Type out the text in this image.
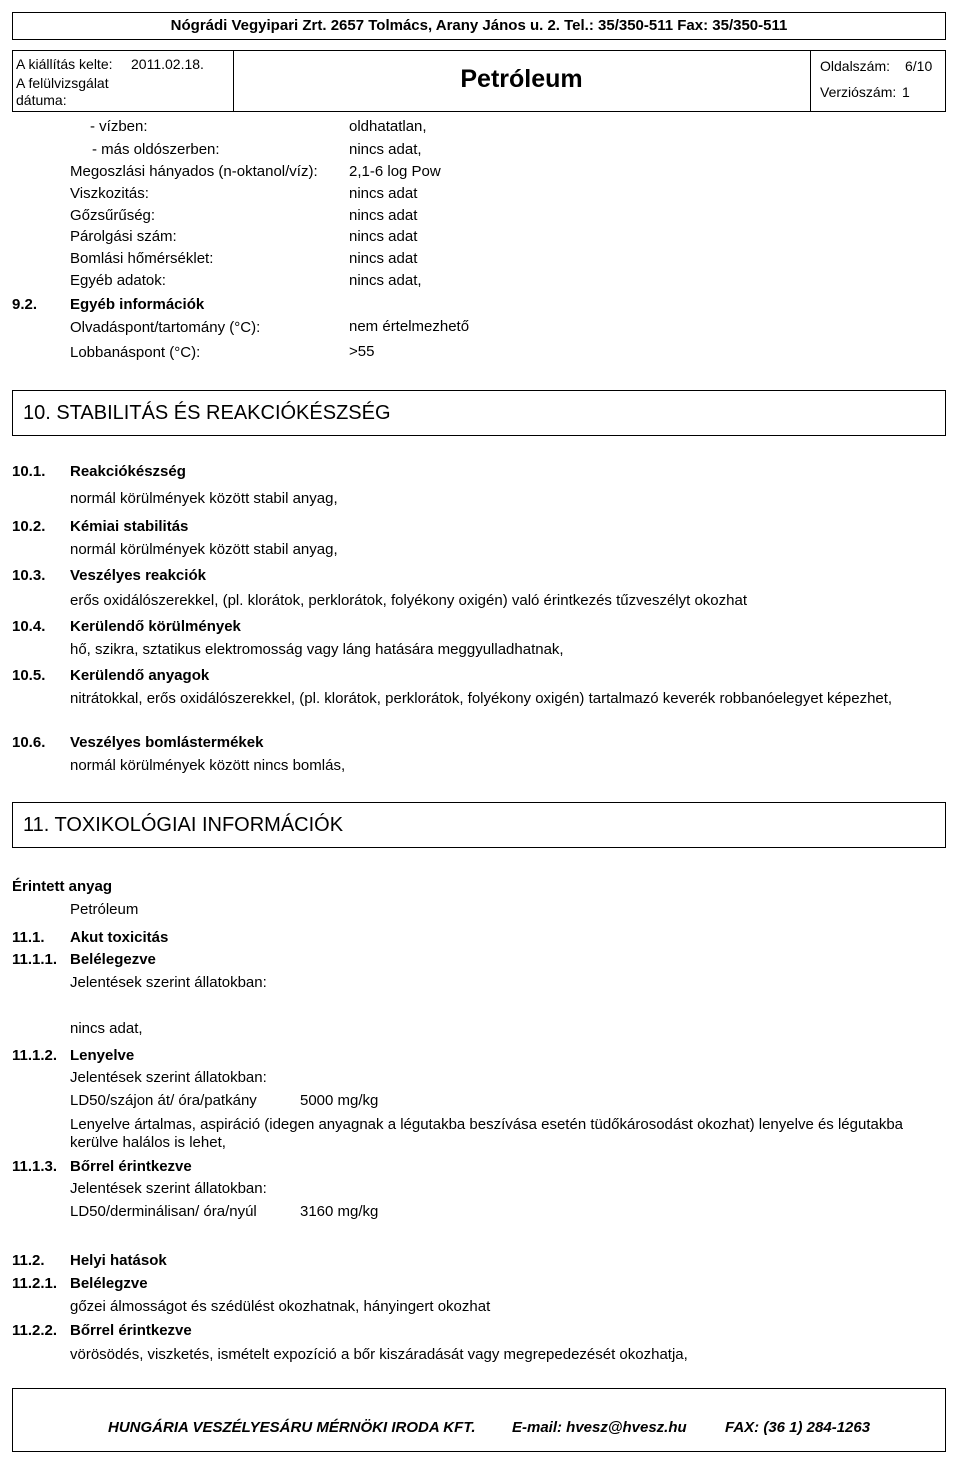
Nógrádi Vegyipari Zrt. 2657 Tolmács, Arany János u. 2. Tel.: 35/350-511 Fax: 35/350-511
A kiállítás kelte: 2011.02.18.
A felülvizsgálat
dátuma:
Petróleum	Oldalszám: 6/10
Verziószám: 1
- vízben:	oldhatatlan,
- más oldószerben:	nincs adat,
Megoszlási hányados (n-oktanol/víz): 2,1-6 log Pow
Viszkozitás:	nincs adat
Gőzsűrűség:	nincs adat
Párolgási szám:	nincs adat
Bomlási hőmérséklet:	nincs adat
Egyéb adatok:	nincs adat,
9.2. Egyéb információk
Olvadáspont/tartomány (°C):	nem értelmezhető
Lobbanáspont (°C):	>55
10. STABILITÁS ÉS REAKCIÓKÉSZSÉG
10.1. Reakciókészség
normál körülmények között stabil anyag,
10.2. Kémiai stabilitás
normál körülmények között stabil anyag,
10.3. Veszélyes reakciók
erős oxidálószerekkel, (pl. klorátok, perklorátok, folyékony oxigén) való érintkezés tűzveszélyt okozhat
10.4. Kerülendő körülmények
hő, szikra, sztatikus elektromosság vagy láng hatására meggyulladhatnak,
10.5. Kerülendő anyagok
nitrátokkal, erős oxidálószerekkel, (pl. klorátok, perklorátok, folyékony oxigén) tartalmazó keverék robbanóelegyet képezhet,
10.6. Veszélyes bomlástermékek
normál körülmények között nincs bomlás,
11. TOXIKOLÓGIAI INFORMÁCIÓK
Érintett anyag
Petróleum
11.1. Akut toxicitás
11.1.1. Belélegezve
Jelentések szerint állatokban:
nincs adat,
11.1.2. Lenyelve
Jelentések szerint állatokban:
LD50/szájon át/ óra/patkány	5000 mg/kg
Lenyelve ártalmas, aspiráció (idegen anyagnak a légutakba beszívása esetén tüdőkárosodást okozhat) lenyelve és légutakba kerülve halálos is lehet,
11.1.3. Bőrrel érintkezve
Jelentések szerint állatokban:
LD50/derminálisan/ óra/nyúl	3160 mg/kg
11.2. Helyi hatások
11.2.1. Belélegzve
gőzei álmosságot és szédülést okozhatnak, hányingert okozhat
11.2.2. Bőrrel érintkezve
vörösödés, viszketés, ismételt expozíció a bőr kiszáradását vagy megrepedezését okozhatja,
HUNGÁRIA VESZÉLYESÁRU MÉRNÖKI IRODA KFT. E-mail: hvesz@hvesz.hu	FAX: (36 1) 284-1263
